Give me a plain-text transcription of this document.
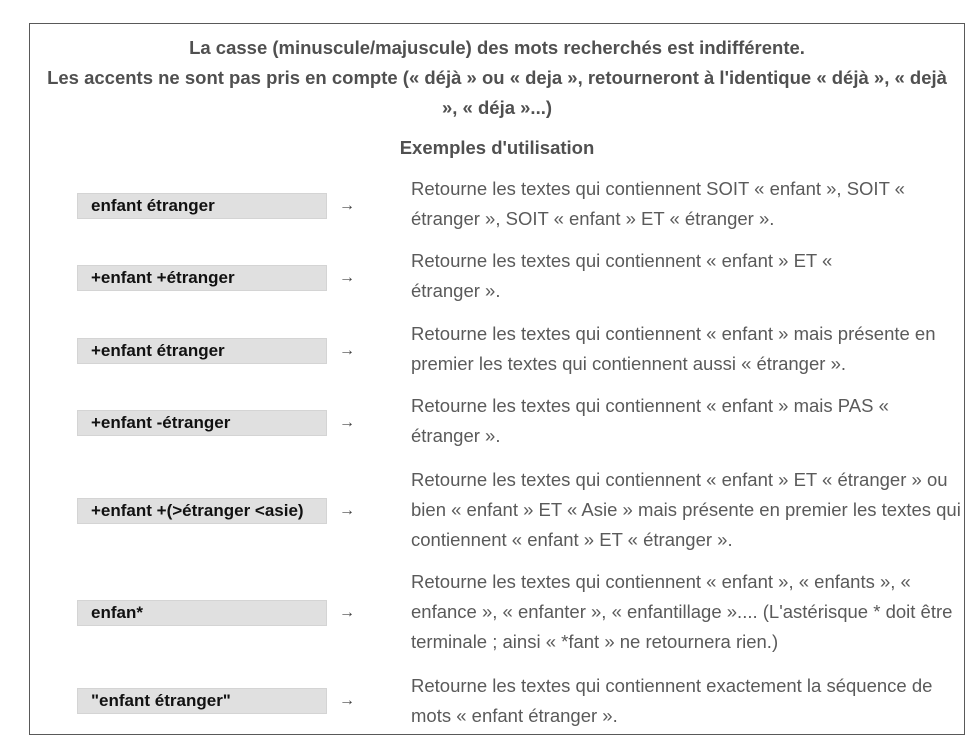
La casse (minuscule/majuscule) des mots recherchés est indifférente.
Les accents ne sont pas pris en compte (« déjà » ou « deja », retourneront à l'identique « déjà », « dejà », « déja »...)
Exemples d'utilisation
enfant étranger	→
Retourne les textes qui contiennent SOIT « enfant », SOIT « étranger », SOIT « enfant » ET « étranger ».
+enfant +étranger	→
Retourne les textes qui contiennent « enfant » ET « étranger ».
+enfant étranger	→
Retourne les textes qui contiennent « enfant » mais présente en premier les textes qui contiennent aussi « étranger ».
+enfant -étranger	→
Retourne les textes qui contiennent « enfant » mais PAS « étranger ».
+enfant +(>étranger <asie)	→
Retourne les textes qui contiennent « enfant » ET « étranger » ou bien « enfant » ET « Asie » mais présente en premier les textes qui contiennent « enfant » ET « étranger ».
enfan*	→
Retourne les textes qui contiennent « enfant », « enfants », « enfance », « enfanter », « enfantillage ».... (L'astérisque * doit être terminale ; ainsi « *fant » ne retournera rien.)
"enfant étranger"	→
Retourne les textes qui contiennent exactement la séquence de mots « enfant étranger ».
